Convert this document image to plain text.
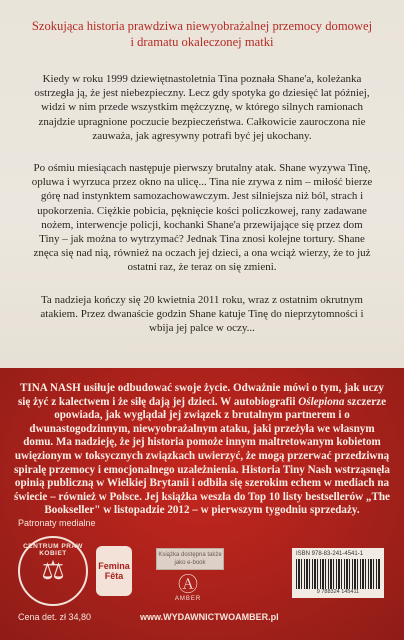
Szokująca historia prawdziwa niewyobrażalnej przemocy domowej i dramatu okaleczonej matki
Kiedy w roku 1999 dziewiętnastoletnia Tina poznała Shane'a, koleżanka ostrzegła ją, że jest niebezpieczny. Lecz gdy spotyka go dziesięć lat później, widzi w nim przede wszystkim mężczyznę, w którego silnych ramionach znajdzie upragnione poczucie bezpieczeństwa. Całkowicie zauroczona nie zauważa, jak agresywny potrafi być jej ukochany.
Po ośmiu miesiącach następuje pierwszy brutalny atak. Shane wyzywa Tinę, opluwa i wyrzuca przez okno na ulicę... Tina nie zrywa z nim – miłość bierze górę nad instynktem samozachowawczym. Jest silniejsza niż ból, strach i upokorzenia. Ciężkie pobicia, pęknięcie kości policzkowej, rany zadawane nożem, interwencje policji, kochanki Shane'a przewijające się przez dom Tiny – jak można to wytrzymać? Jednak Tina znosi kolejne tortury. Shane znęca się nad nią, również na oczach jej dzieci, a ona wciąż wierzy, że to już ostatni raz, że teraz on się zmieni.
Ta nadzieja kończy się 20 kwietnia 2011 roku, wraz z ostatnim okrutnym atakiem. Przez dwanaście godzin Shane katuje Tinę do nieprzytomności i wbija jej palce w oczy...
TINA NASH usiłuje odbudować swoje życie. Odważnie mówi o tym, jak uczy się żyć z kalectwem i że siłę dają jej dzieci. W autobiografii Oślepiona szczerze opowiada, jak wyglądał jej związek z brutalnym partnerem i o dwunastogodzinnym, niewyobrażalnym ataku, jaki przeżyła we własnym domu. Ma nadzieję, że jej historia pomoże innym maltretowanym kobietom uwięzionym w toksycznych związkach uwierzyć, że mogą przerwać przedziwną spiralę przemocy i emocjonalnego uzależnienia. Historia Tiny Nash wstrząsnęła opinią publiczną w Wielkiej Brytanii i odbiła się szerokim echem w mediach na świecie – również w Polsce. Jej książka weszła do Top 10 listy bestsellerów „The Bookseller" w listopadzie 2012 – w pierwszym tygodniu sprzedaży.
Patronaty medialne
CENTRUM PRAW KOBIET
⚖	Femina Fêta
Książka dostępna także jako e-book
Ⓐ
AMBER
ISBN 978-83-241-4541-1
9 788324 145411
Cena det. zł 34,80	www.WYDAWNICTWOAMBER.pl
